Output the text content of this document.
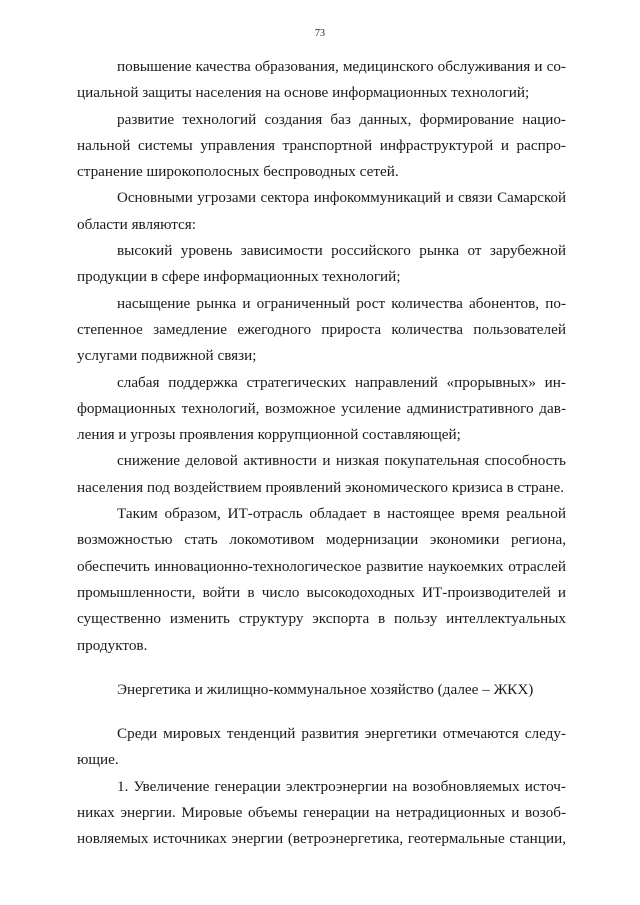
73
повышение качества образования, медицинского обслуживания и со-
циальной защиты населения на основе информационных технологий;
развитие технологий создания баз данных, формирование нацио-
нальной системы управления транспортной инфраструктурой и распро-
странение широкополосных беспроводных сетей.
Основными угрозами сектора инфокоммуникаций и связи Самарской
области являются:
высокий уровень зависимости российского рынка от зарубежной
продукции в сфере информационных технологий;
насыщение рынка и ограниченный рост количества абонентов, по-
степенное замедление ежегодного прироста количества пользователей
услугами подвижной связи;
слабая поддержка стратегических направлений «прорывных» ин-
формационных технологий, возможное усиление административного дав-
ления и угрозы проявления коррупционной составляющей;
снижение деловой активности и низкая покупательная способность
населения под воздействием проявлений экономического кризиса в стране.
Таким образом, ИТ-отрасль обладает в настоящее время реальной
возможностью стать локомотивом модернизации экономики региона,
обеспечить инновационно-технологическое развитие наукоемких отраслей
промышленности, войти в число высокодоходных ИТ-производителей и
существенно изменить структуру экспорта в пользу интеллектуальных
продуктов.
Энергетика и жилищно-коммунальное хозяйство (далее – ЖКХ)
Среди мировых тенденций развития энергетики отмечаются следу-
ющие.
1. Увеличение генерации электроэнергии на возобновляемых источ-
никах энергии. Мировые объемы генерации на нетрадиционных и возоб-
новляемых источниках энергии (ветроэнергетика, геотермальные станции,
